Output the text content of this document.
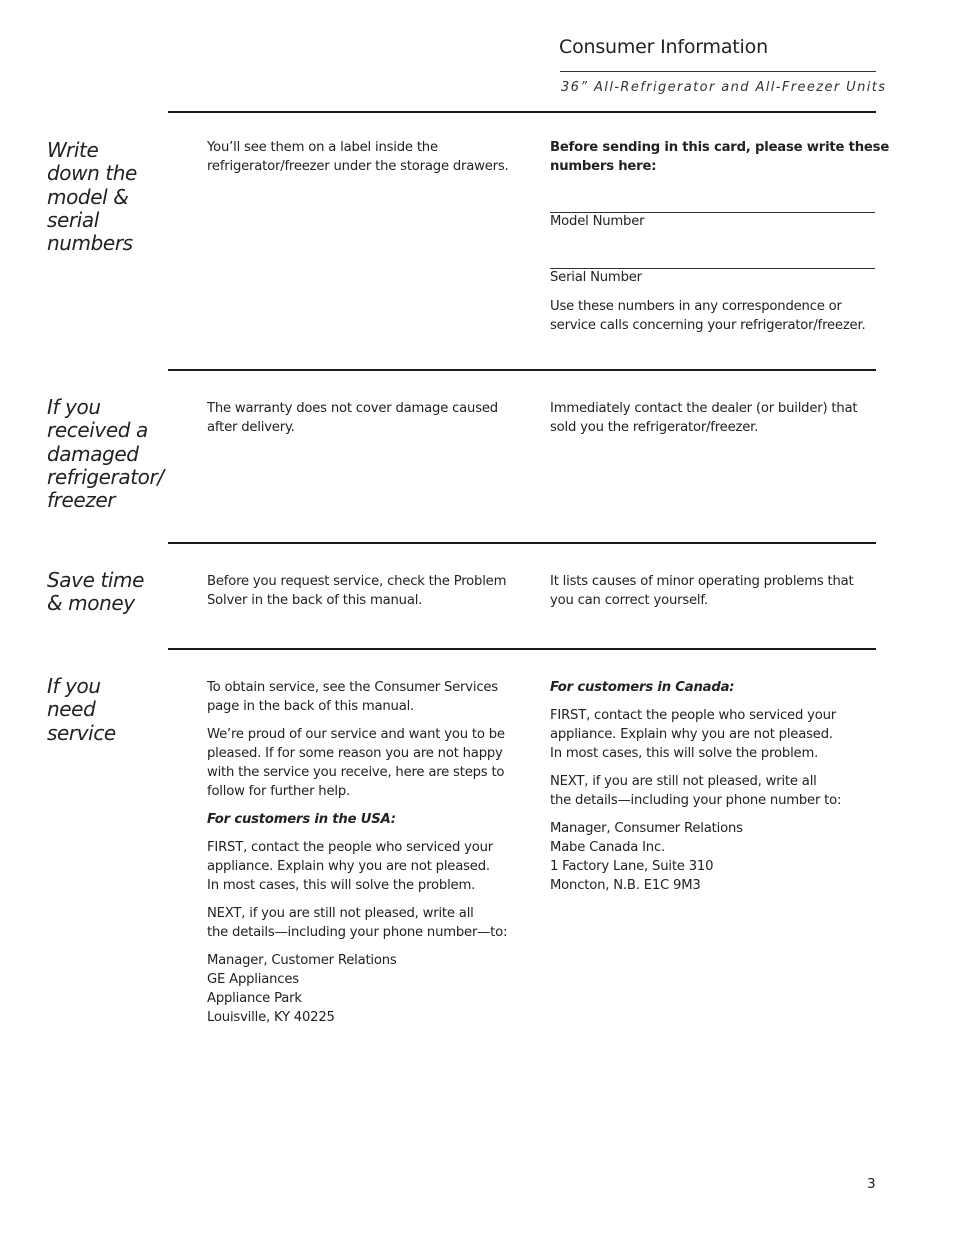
Consumer Information
36” All-Refrigerator and All-Freezer Units
Write
down the
model &
serial
numbers
You’ll see them on a label inside the
refrigerator/freezer under the storage drawers.
Before sending in this card, please write these
numbers here:
Model Number
Serial Number
Use these numbers in any correspondence or
service calls concerning your refrigerator/freezer.
If you
received a
damaged
refrigerator/
freezer
The warranty does not cover damage caused
after delivery.
Immediately contact the dealer (or builder) that
sold you the refrigerator/freezer.
Save time
& money
Before you request service, check the Problem
Solver in the back of this manual.
It lists causes of minor operating problems that
you can correct yourself.
If you
need
service

To obtain service, see the Consumer Services
page in the back of this manual.

We’re proud of our service and want you to be
pleased. If for some reason you are not happy
with the service you receive, here are steps to
follow for further help.

For customers in the USA:

FIRST, contact the people who serviced your
appliance. Explain why you are not pleased.
In most cases, this will solve the problem.

NEXT, if you are still not pleased, write all
the details—including your phone number—to:

Manager, Customer Relations
GE Appliances
Appliance Park
Louisville, KY 40225

For customers in Canada:

FIRST, contact the people who serviced your
appliance. Explain why you are not pleased.
In most cases, this will solve the problem.

NEXT, if you are still not pleased, write all
the details—including your phone number to:

Manager, Consumer Relations
Mabe Canada Inc.
1 Factory Lane, Suite 310
Moncton, N.B. E1C 9M3

3
